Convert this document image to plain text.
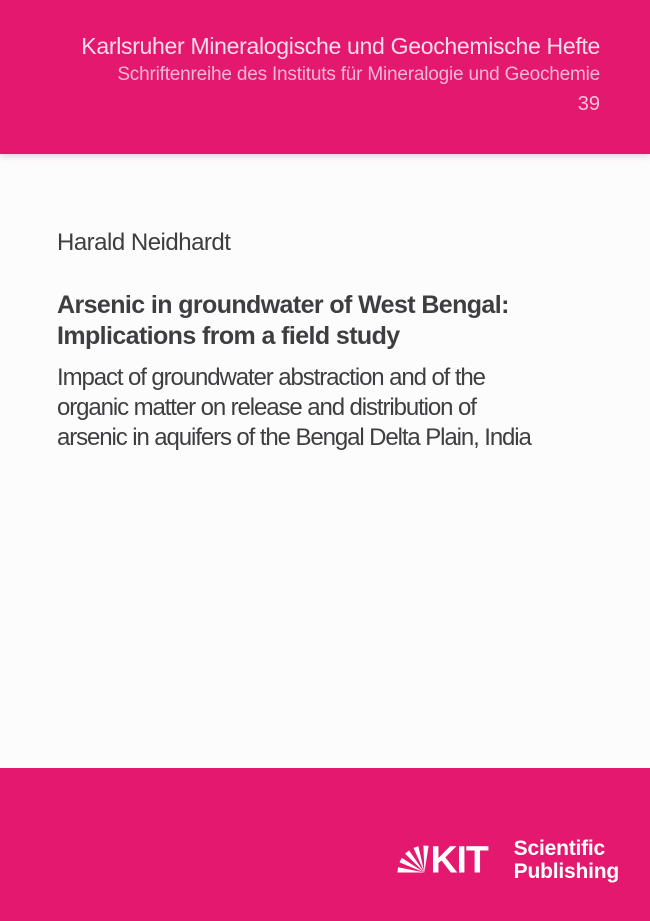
Karlsruher Mineralogische und Geochemische Hefte
Schriftenreihe des Instituts für Mineralogie und Geochemie
39
Harald Neidhardt
Arsenic in groundwater of West Bengal:
Implications from a field study
Impact of groundwater abstraction and of the
organic matter on release and distribution of
arsenic in aquifers of the Bengal Delta Plain, India
KIT Scientific
Publishing
